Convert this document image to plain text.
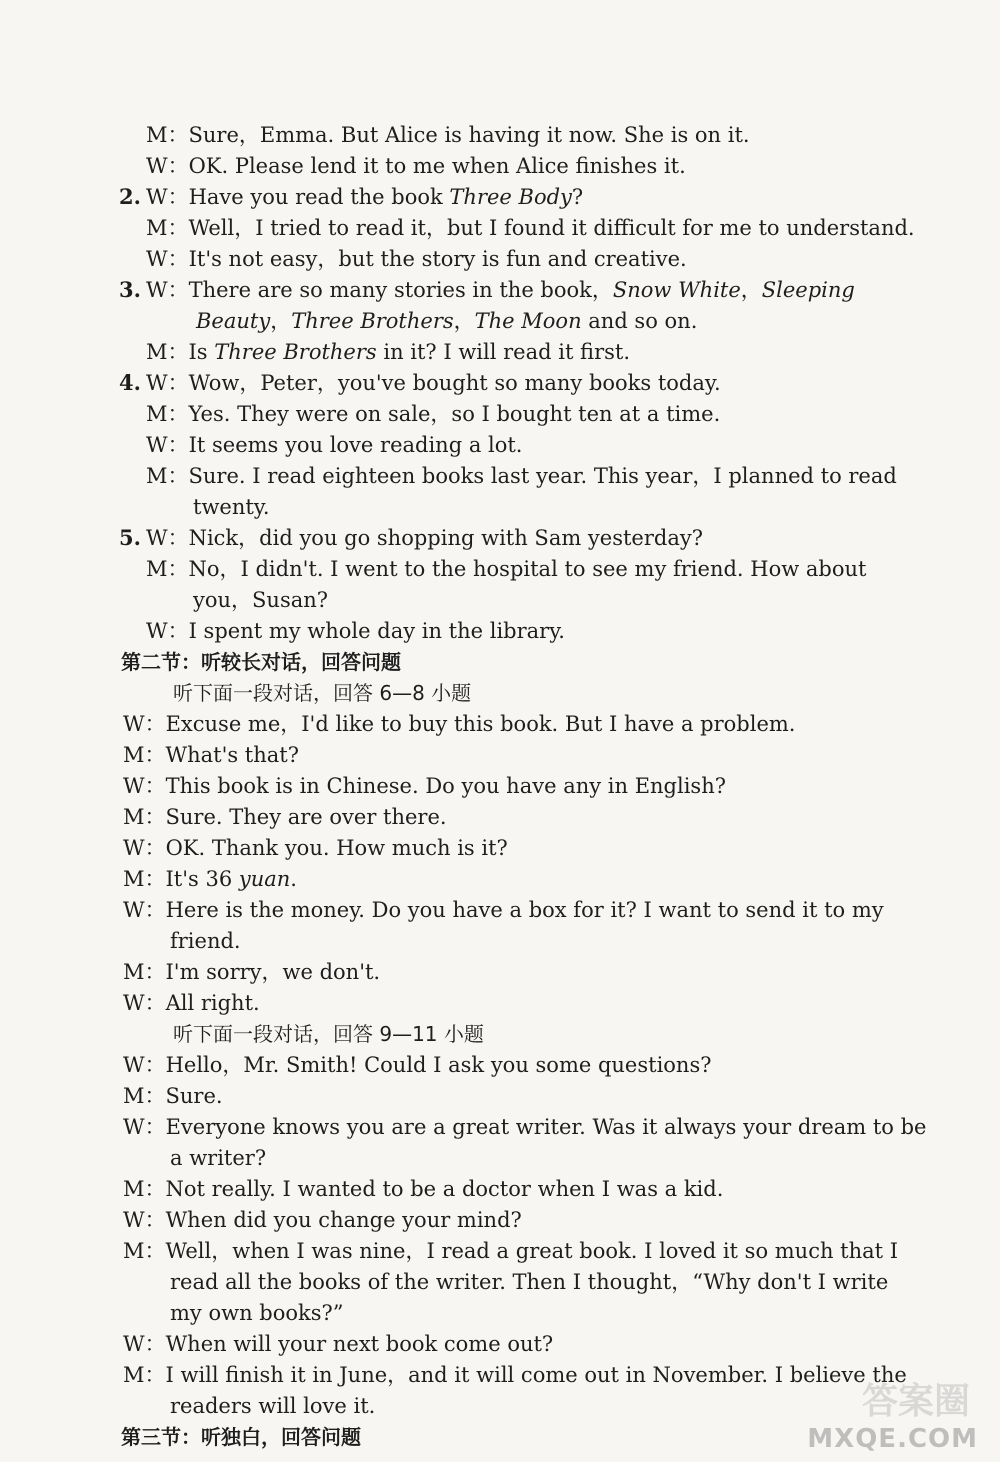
M：Sure，Emma. But Alice is having it now. She is on it.
W：OK. Please lend it to me when Alice finishes it.
2. W：Have you read the book Three Body?
M：Well，I tried to read it，but I found it difficult for me to understand.
W：It's not easy，but the story is fun and creative.
3. W：There are so many stories in the book，Snow White，Sleeping
Beauty，Three Brothers，The Moon and so on.
M：Is Three Brothers in it? I will read it first.
4. W：Wow，Peter，you've bought so many books today.
M：Yes. They were on sale，so I bought ten at a time.
W：It seems you love reading a lot.
M：Sure. I read eighteen books last year. This year，I planned to read
twenty.
5. W：Nick，did you go shopping with Sam yesterday?
M：No，I didn't. I went to the hospital to see my friend. How about
you，Susan?
W：I spent my whole day in the library.
第二节：听较长对话，回答问题
听下面一段对话，回答 6—8 小题
W：Excuse me，I'd like to buy this book. But I have a problem.
M：What's that?
W：This book is in Chinese. Do you have any in English?
M：Sure. They are over there.
W：OK. Thank you. How much is it?
M：It's 36 yuan.
W：Here is the money. Do you have a box for it? I want to send it to my
friend.
M：I'm sorry，we don't.
W：All right.
听下面一段对话，回答 9—11 小题
W：Hello，Mr. Smith! Could I ask you some questions?
M：Sure.
W：Everyone knows you are a great writer. Was it always your dream to be
a writer?
M：Not really. I wanted to be a doctor when I was a kid.
W：When did you change your mind?
M：Well，when I was nine，I read a great book. I loved it so much that I
read all the books of the writer. Then I thought，“Why don't I write
my own books?”
W：When will your next book come out?
M：I will finish it in June，and it will come out in November. I believe the
readers will love it.
第三节：听独白，回答问题
答案圈
MXQE.COM
